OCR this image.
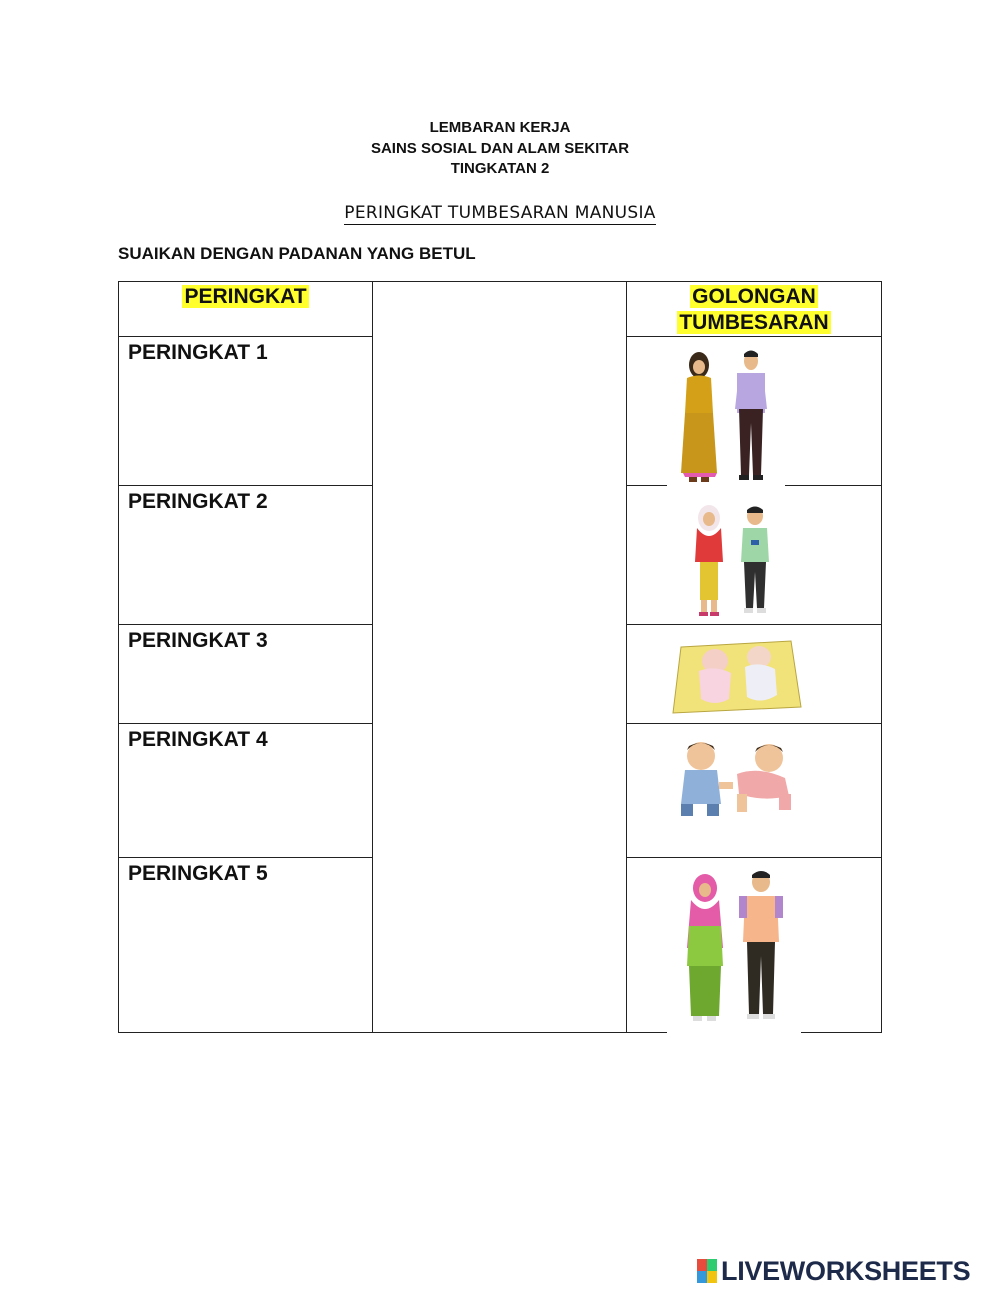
LEMBARAN KERJA
SAINS SOSIAL DAN ALAM SEKITAR
TINGKATAN 2
PERINGKAT TUMBESARAN MANUSIA
SUAIKAN DENGAN PADANAN YANG BETUL
PERINGKAT		GOLONGAN
TUMBESARAN

PERINGKAT 1	

PERINGKAT 2	

PERINGKAT 3	

PERINGKAT 4	

PERINGKAT 5	
LIVEWORKSHEETS
